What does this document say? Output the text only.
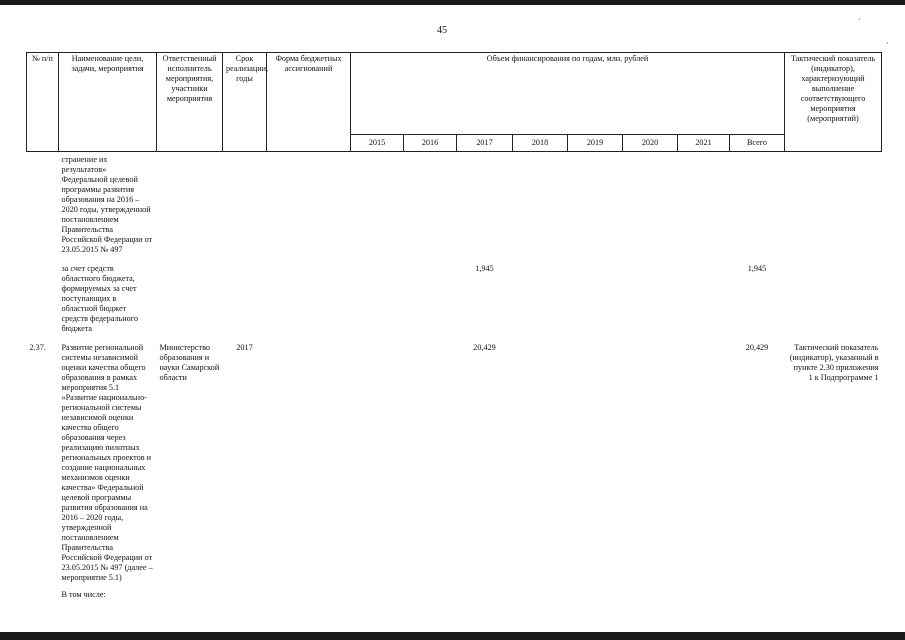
45
·
·
№ п/п	Наименование цели, задачи, мероприятия	Ответственный исполнитель мероприятия, участники мероприятия	Срок реализации, годы	Форма бюджетных ассигнований	Объем финансирования по годам, млн. рублей								Тактический показатель (индикатор), характеризующий выполнение соответствующего мероприятия (мероприятий)
					2015	2016	2017	2018	2019	2020	2021	Всего	
	странение их результатов» Федеральной целевой программы развития образования на 2016 – 2020 годы, утвержденной постановлением Правительства Российской Федерации от 23.05.2015 № 497												
	за счет средств областного бюджета, формируемых за счет поступающих в областной бюджет средств федерального бюджета						1,945					1,945	
2.37.	Развитие региональной системы независимой оценки качества общего образования в рамках мероприятия 5.1 «Развитие национально-региональной системы независимой оценки качества общего образования через реализацию пилотных региональных проектов и создание национальных механизмов оценки качества» Федеральной целевой программы развития образования на 2016 – 2020 годы, утвержденной постановлением Правительства Российской Федерации от 23.05.2015 № 497 (далее – мероприятие 5.1)	Министерство образования и науки Самарской области	2017				20,429					20,429	Тактический показатель (индикатор), указанный в пункте 2.30 приложения 1 к Подпрограмме 1
	В том числе:												
